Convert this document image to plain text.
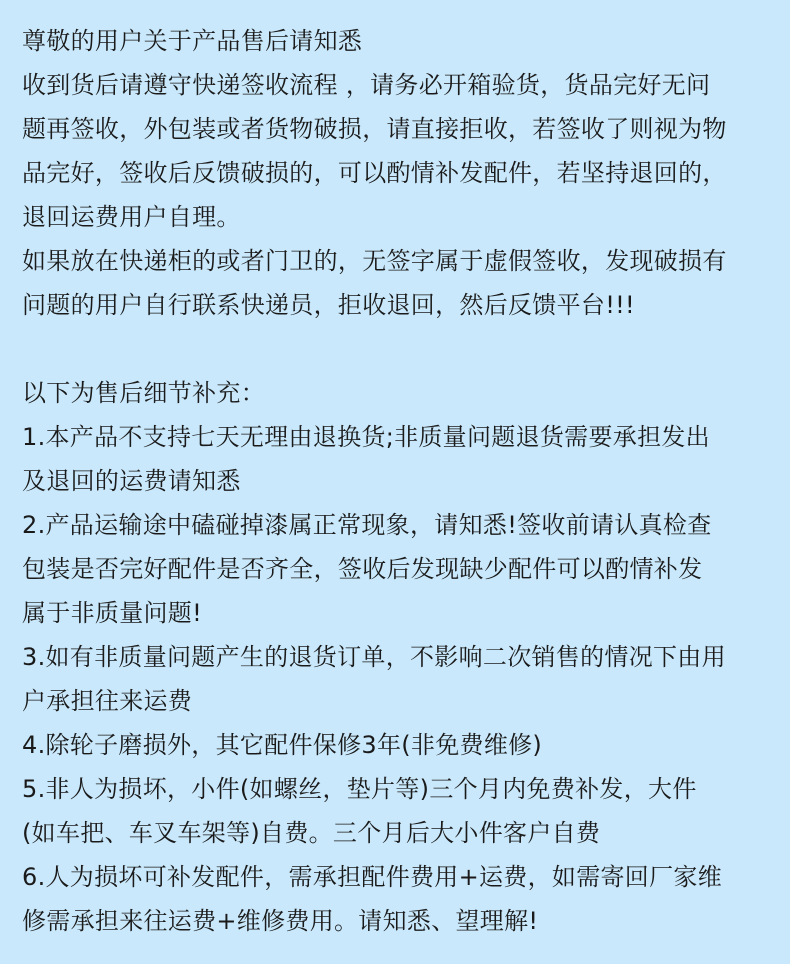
尊敬的用户关于产品售后请知悉
收到货后请遵守快递签收流程 ，请务必开箱验货，货品完好无问
题再签收，外包装或者货物破损，请直接拒收，若签收了则视为物
品完好，签收后反馈破损的，可以酌情补发配件，若坚持退回的，
退回运费用户自理。
如果放在快递柜的或者门卫的，无签字属于虚假签收，发现破损有
问题的用户自行联系快递员，拒收退回，然后反馈平台!!!
以下为售后细节补充：
1.本产品不支持七天无理由退换货;非质量问题退货需要承担发出
及退回的运费请知悉
2.产品运输途中磕碰掉漆属正常现象，请知悉!签收前请认真检查
包装是否完好配件是否齐全，签收后发现缺少配件可以酌情补发
属于非质量问题!
3.如有非质量问题产生的退货订单，不影响二次销售的情况下由用
户承担往来运费
4.除轮子磨损外，其它配件保修3年(非免费维修)
5.非人为损坏，小件(如螺丝，垫片等)三个月内免费补发，大件
(如车把、车叉车架等)自费。三个月后大小件客户自费
6.人为损坏可补发配件，需承担配件费用+运费，如需寄回厂家维
修需承担来往运费+维修费用。请知悉、望理解!
